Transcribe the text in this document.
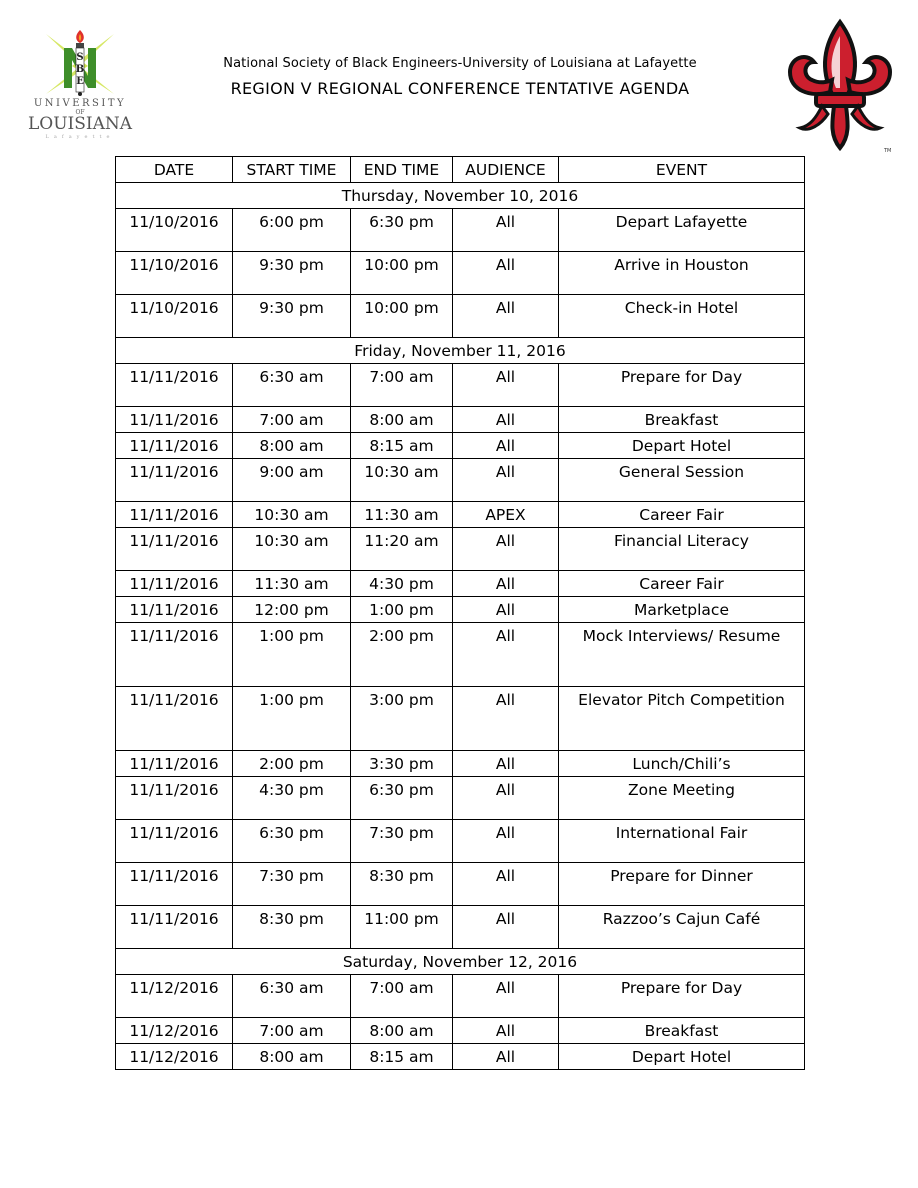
S
B
E
UNIVERSITY
OF
LOUISIANA
Lafayette
National Society of Black Engineers-University of Louisiana at Lafayette
REGION V REGIONAL CONFERENCE TENTATIVE AGENDA
TM
DATE	START TIME	END TIME	AUDIENCE	EVENT
Thursday, November 10, 2016				

11/10/2016	6:00 pm	6:30 pm	All	Depart Lafayette

11/10/2016	9:30 pm	10:00 pm	All	Arrive in Houston

11/10/2016	9:30 pm	10:00 pm	All	Check-in Hotel

Friday, November 11, 2016				

11/11/2016	6:30 am	7:00 am	All	Prepare for Day

11/11/2016	7:00 am	8:00 am	All	Breakfast

11/11/2016	8:00 am	8:15 am	All	Depart Hotel

11/11/2016	9:00 am	10:30 am	All	General Session

11/11/2016	10:30 am	11:30 am	APEX	Career Fair

11/11/2016	10:30 am	11:20 am	All	Financial Literacy

11/11/2016	11:30 am	4:30 pm	All	Career Fair

11/11/2016	12:00 pm	1:00 pm	All	Marketplace

11/11/2016	1:00 pm	2:00 pm	All	Mock Interviews/ Resume

11/11/2016	1:00 pm	3:00 pm	All	Elevator Pitch Competition

11/11/2016	2:00 pm	3:30 pm	All	Lunch/Chili’s

11/11/2016	4:30 pm	6:30 pm	All	Zone Meeting

11/11/2016	6:30 pm	7:30 pm	All	International Fair

11/11/2016	7:30 pm	8:30 pm	All	Prepare for Dinner

11/11/2016	8:30 pm	11:00 pm	All	Razzoo’s Cajun Café

Saturday, November 12, 2016				

11/12/2016	6:30 am	7:00 am	All	Prepare for Day

11/12/2016	7:00 am	8:00 am	All	Breakfast

11/12/2016	8:00 am	8:15 am	All	Depart Hotel
